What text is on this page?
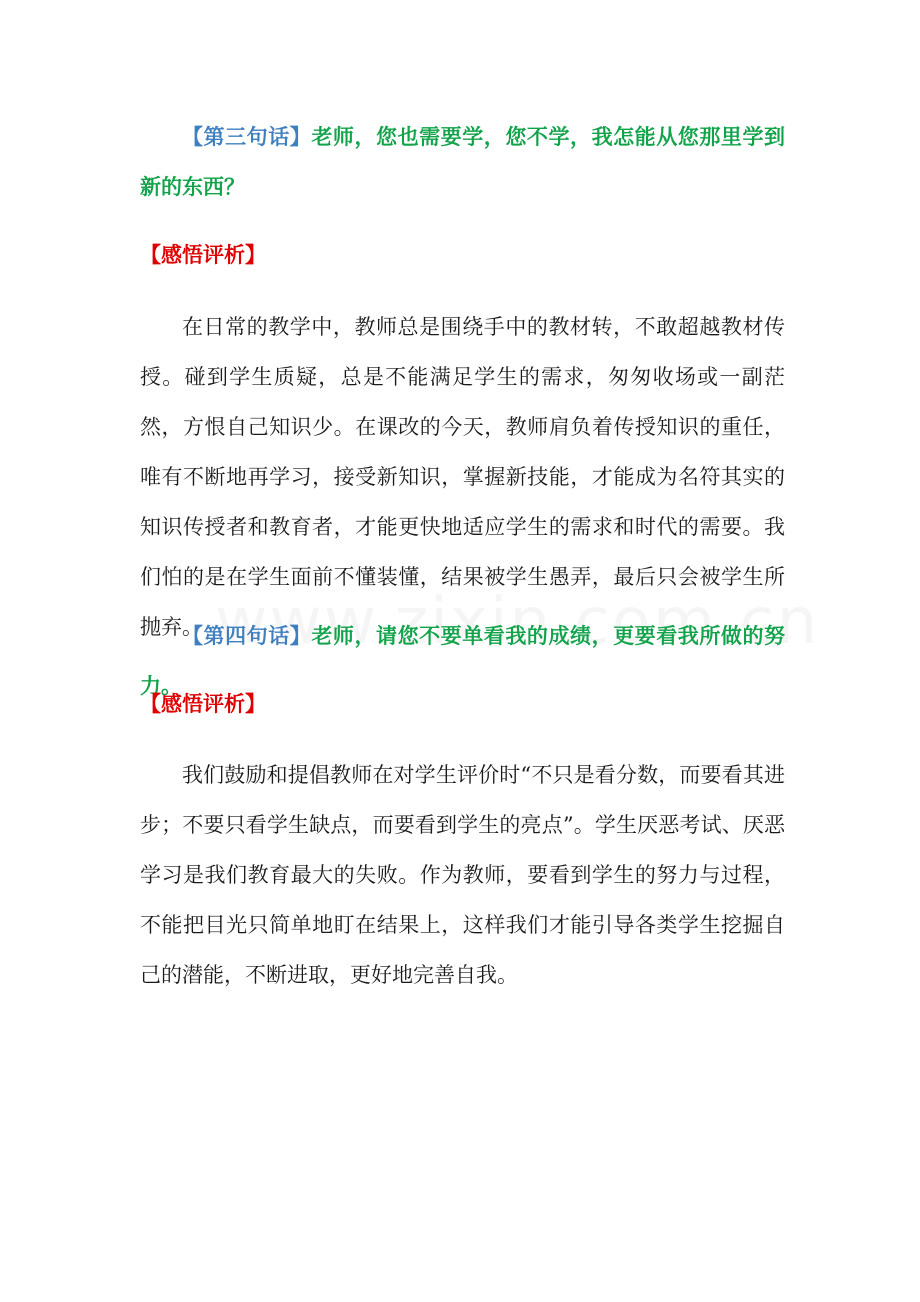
【第三句话】老师，您也需要学，您不学，我怎能从您那里学到新的东西？

【感悟评析】

在日常的教学中，教师总是围绕手中的教材转，不敢超越教材传授。碰到学生质疑，总是不能满足学生的需求，匆匆收场或一副茫然，方恨自己知识少。在课改的今天，教师肩负着传授知识的重任，唯有不断地再学习，接受新知识，掌握新技能，才能成为名符其实的知识传授者和教育者，才能更快地适应学生的需求和时代的需要。我们怕的是在学生面前不懂装懂，结果被学生愚弄，最后只会被学生所抛弃。

【第四句话】老师，请您不要单看我的成绩，更要看我所做的努力。

【感悟评析】

我们鼓励和提倡教师在对学生评价时“不只是看分数，而要看其进步；不要只看学生缺点，而要看到学生的亮点”。学生厌恶考试、厌恶学习是我们教育最大的失败。作为教师，要看到学生的努力与过程，不能把目光只简单地盯在结果上，这样我们才能引导各类学生挖掘自己的潜能，不断进取，更好地完善自我。
